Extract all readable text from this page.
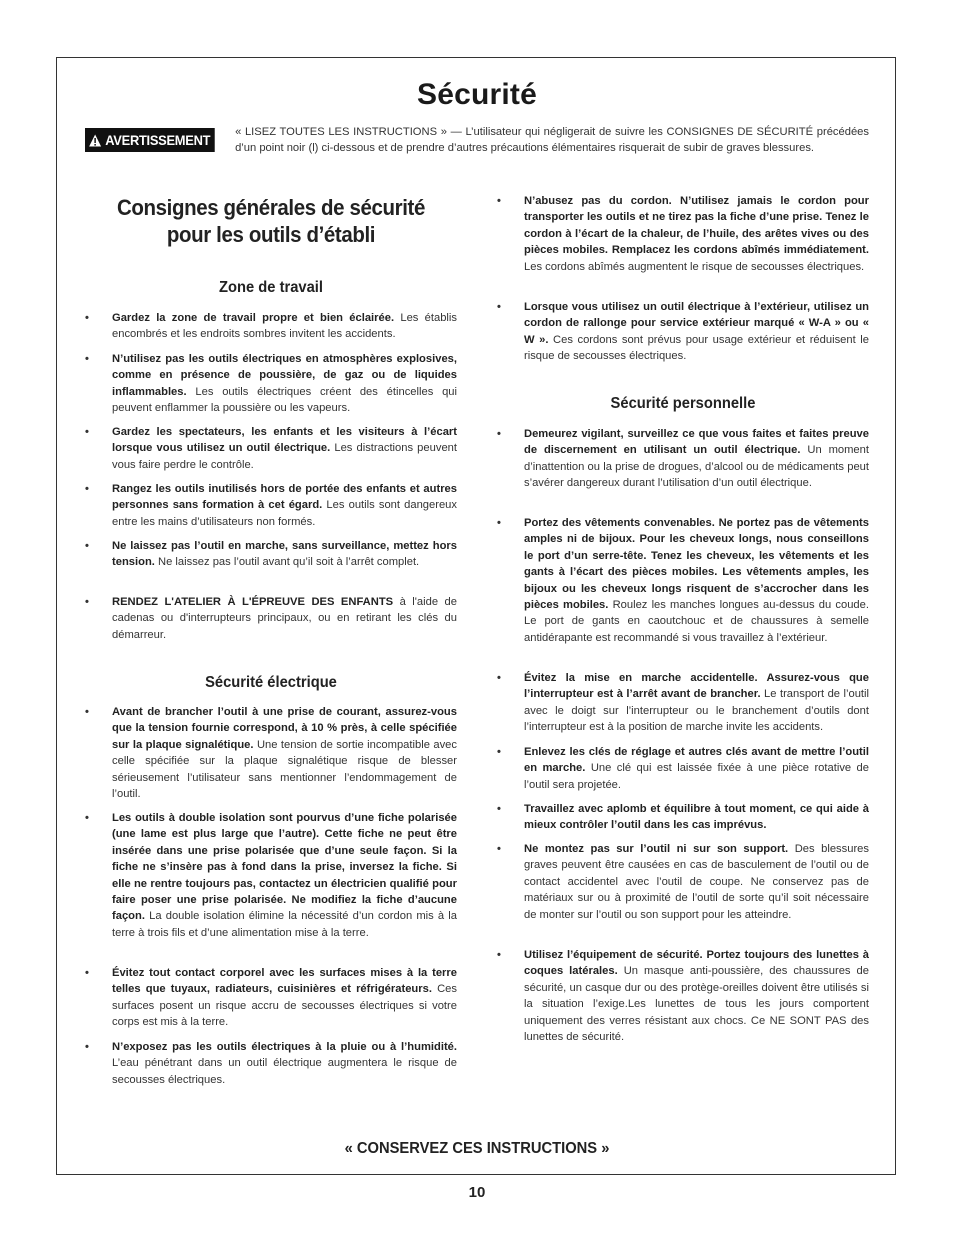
Sécurité
AVERTISSEMENT « LISEZ TOUTES LES INSTRUCTIONS » — L’utilisateur qui négligerait de suivre les CONSIGNES DE SÉCURITÉ précédées d’un point noir (l) ci-dessous et de prendre d’autres précautions élémentaires risquerait de subir de graves blessures.
Consignes générales de sécurité
pour les outils d’établi
Zone de travail
• Gardez la zone de travail propre et bien éclairée. Les établis encombrés et les endroits sombres invitent les accidents.
• N’utilisez pas les outils électriques en atmosphères explosives, comme en présence de poussière, de gaz ou de liquides inflammables. Les outils électriques créent des étincelles qui peuvent enflammer la poussière ou les vapeurs.
• Gardez les spectateurs, les enfants et les visiteurs à l’écart lorsque vous utilisez un outil électrique. Les distractions peuvent vous faire perdre le contrôle.
• Rangez les outils inutilisés hors de portée des enfants et autres personnes sans formation à cet égard. Les outils sont dangereux entre les mains d’utilisateurs non formés.
• Ne laissez pas l’outil en marche, sans surveillance, mettez hors tension. Ne laissez pas l’outil avant qu’il soit à l’arrêt complet.
• RENDEZ L'ATELIER À L'ÉPREUVE DES ENFANTS à l'aide de cadenas ou d'interrupteurs principaux, ou en retirant les clés du démarreur.
Sécurité électrique
• Avant de brancher l’outil à une prise de courant, assurez-vous que la tension fournie correspond, à 10 % près, à celle spécifiée sur la plaque signalétique. Une tension de sortie incompatible avec celle spécifiée sur la plaque signalétique risque de blesser sérieusement l’utilisateur sans mentionner l’endommagement de l’outil.
• Les outils à double isolation sont pourvus d’une fiche polarisée (une lame est plus large que l’autre). Cette fiche ne peut être insérée dans une prise polarisée que d’une seule façon. Si la fiche ne s’insère pas à fond dans la prise, inversez la fiche. Si elle ne rentre toujours pas, contactez un électricien qualifié pour faire poser une prise polarisée. Ne modifiez la fiche d’aucune façon. La double isolation élimine la nécessité d’un cordon mis à la terre à trois fils et d’une alimentation mise à la terre.
• Évitez tout contact corporel avec les surfaces mises à la terre telles que tuyaux, radiateurs, cuisinières et réfrigérateurs. Ces surfaces posent un risque accru de secousses électriques si votre corps est mis à la terre.
• N’exposez pas les outils électriques à la pluie ou à l’humidité. L’eau pénétrant dans un outil électrique augmentera le risque de secousses électriques.
• N’abusez pas du cordon. N’utilisez jamais le cordon pour transporter les outils et ne tirez pas la fiche d’une prise. Tenez le cordon à l’écart de la chaleur, de l’huile, des arêtes vives ou des pièces mobiles. Remplacez les cordons abîmés immédiatement. Les cordons abîmés augmentent le risque de secousses électriques.
• Lorsque vous utilisez un outil électrique à l’extérieur, utilisez un cordon de rallonge pour service extérieur marqué « W-A » ou « W ». Ces cordons sont prévus pour usage extérieur et réduisent le risque de secousses électriques.
Sécurité personnelle
• Demeurez vigilant, surveillez ce que vous faites et faites preuve de discernement en utilisant un outil électrique. Un moment d’inattention ou la prise de drogues, d’alcool ou de médicaments peut s’avérer dangereux durant l’utilisation d’un outil électrique.
• Portez des vêtements convenables. Ne portez pas de vêtements amples ni de bijoux. Pour les cheveux longs, nous conseillons le port d’un serre-tête. Tenez les cheveux, les vêtements et les gants à l’écart des pièces mobiles. Les vêtements amples, les bijoux ou les cheveux longs risquent de s’accrocher dans les pièces mobiles. Roulez les manches longues au-dessus du coude. Le port de gants en caoutchouc et de chaussures à semelle antidérapante est recommandé si vous travaillez à l’extérieur.
• Évitez la mise en marche accidentelle. Assurez-vous que l’interrupteur est à l’arrêt avant de brancher. Le transport de l’outil avec le doigt sur l’interrupteur ou le branchement d’outils dont l’interrupteur est à la position de marche invite les accidents.
• Enlevez les clés de réglage et autres clés avant de mettre l’outil en marche. Une clé qui est laissée fixée à une pièce rotative de l’outil sera projetée.
• Travaillez avec aplomb et équilibre à tout moment, ce qui aide à mieux contrôler l’outil dans les cas imprévus.
• Ne montez pas sur l’outil ni sur son support. Des blessures graves peuvent être causées en cas de basculement de l’outil ou de contact accidentel avec l’outil de coupe. Ne conservez pas de matériaux sur ou à proximité de l’outil de sorte qu’il soit nécessaire de monter sur l’outil ou son support pour les atteindre.
• Utilisez l’équipement de sécurité. Portez toujours des lunettes à coques latérales. Un masque anti-poussière, des chaussures de sécurité, un casque dur ou des protège-oreilles doivent être utilisés si la situation l’exige.Les lunettes de tous les jours comportent uniquement des verres résistant aux chocs. Ce NE SONT PAS des lunettes de sécurité.
« CONSERVEZ CES INSTRUCTIONS »
10
